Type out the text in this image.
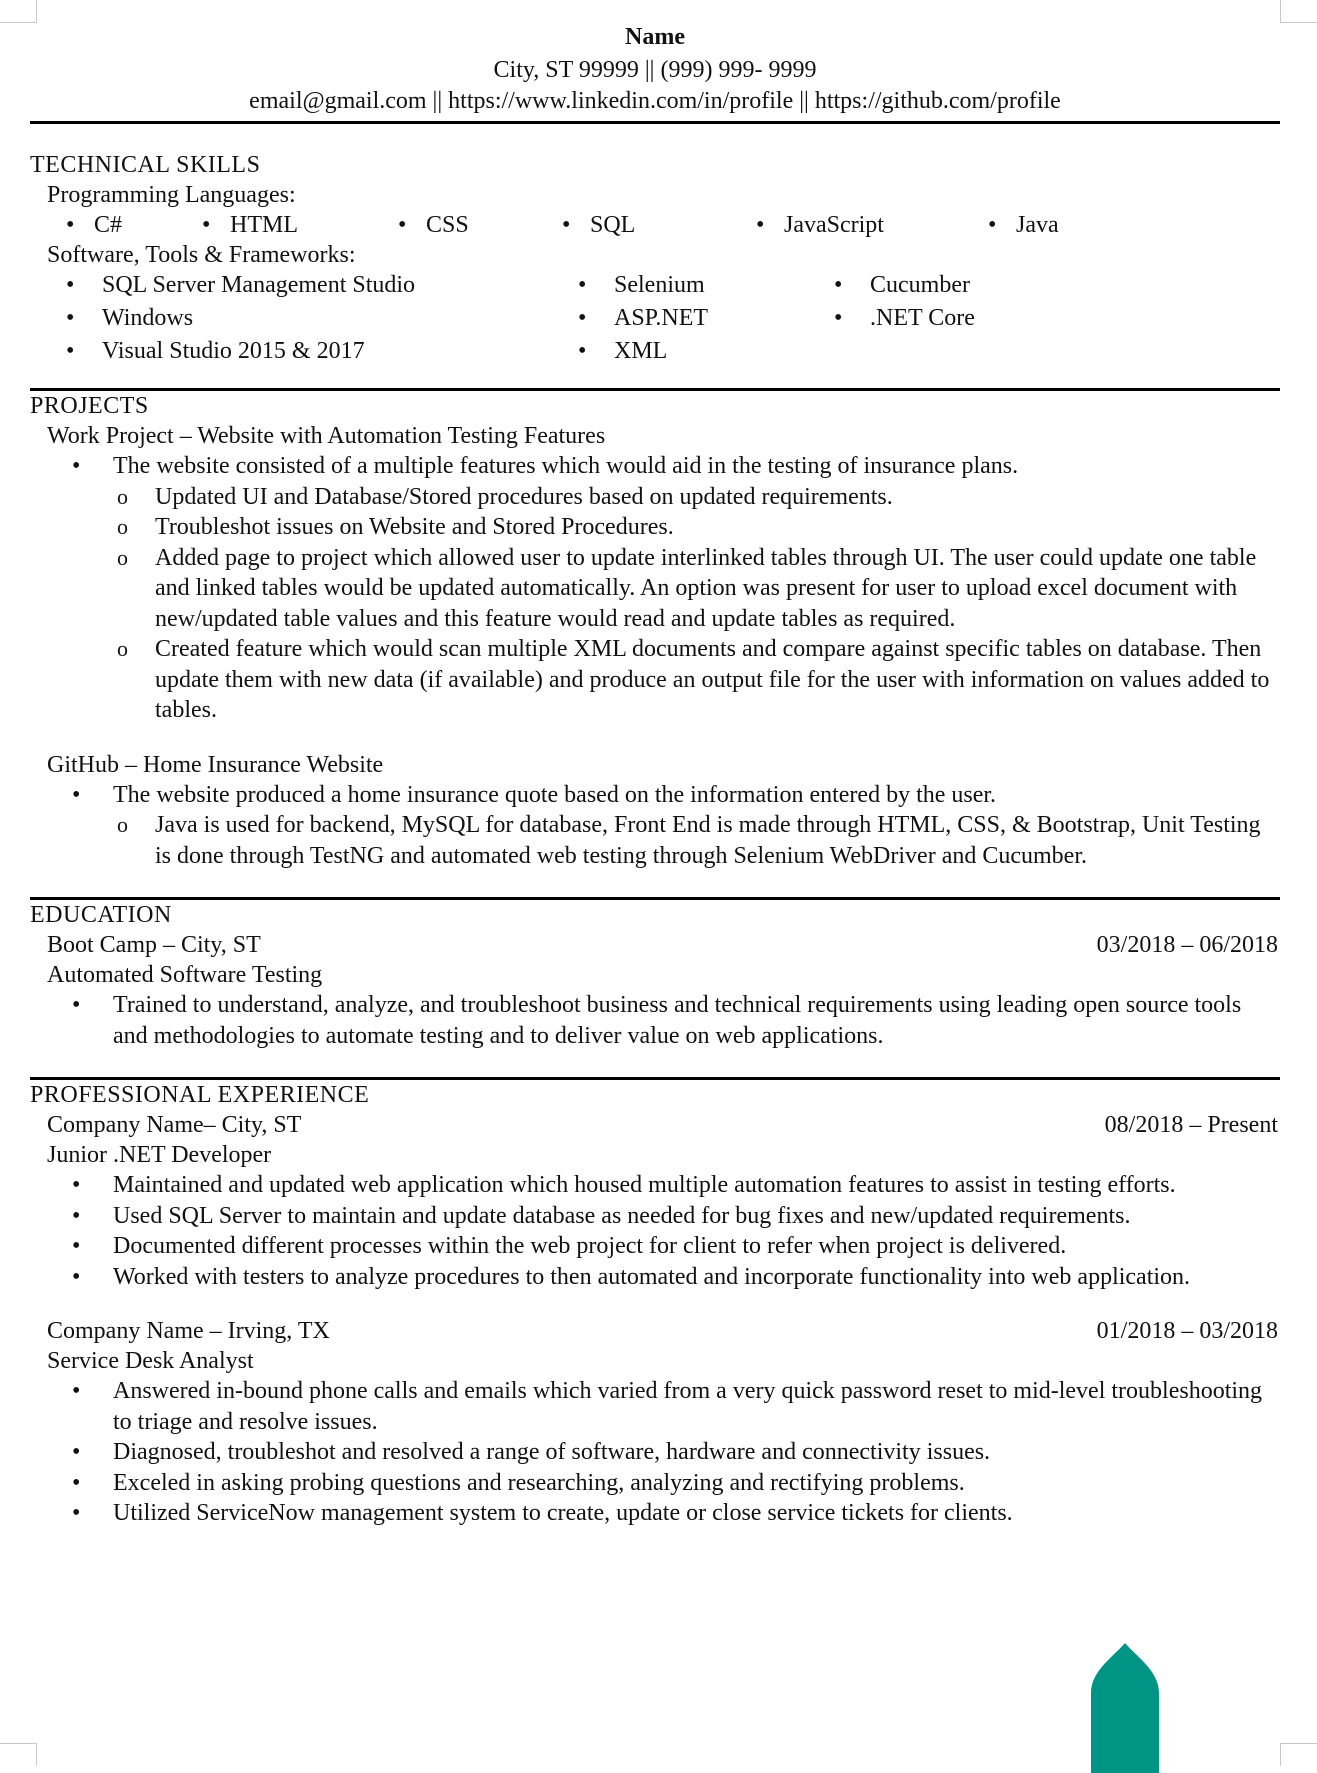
Name
City, ST 99999 || (999) 999- 9999
email@gmail.com || https://www.linkedin.com/in/profile || https://github.com/profile
TECHNICAL SKILLS
Programming Languages:
• C#	• HTML	• CSS	• SQL	• JavaScript	• Java
Software, Tools & Frameworks:
• SQL Server Management Studio	• Selenium	• Cucumber
• Windows	• ASP.NET	• .NET Core
• Visual Studio 2015 & 2017	• XML
PROJECTS
Work Project – Website with Automation Testing Features
• The website consisted of a multiple features which would aid in the testing of insurance plans.
o Updated UI and Database/Stored procedures based on updated requirements.
o Troubleshot issues on Website and Stored Procedures.
o Added page to project which allowed user to update interlinked tables through UI. The user could update one table and linked tables would be updated automatically. An option was present for user to upload excel document with new/updated table values and this feature would read and update tables as required.
o Created feature which would scan multiple XML documents and compare against specific tables on database. Then update them with new data (if available) and produce an output file for the user with information on values added to tables.
GitHub – Home Insurance Website
• The website produced a home insurance quote based on the information entered by the user.
o Java is used for backend, MySQL for database, Front End is made through HTML, CSS, & Bootstrap, Unit Testing is done through TestNG and automated web testing through Selenium WebDriver and Cucumber.
EDUCATION
Boot Camp – City, ST	03/2018 – 06/2018
Automated Software Testing
• Trained to understand, analyze, and troubleshoot business and technical requirements using leading open source tools and methodologies to automate testing and to deliver value on web applications.
PROFESSIONAL EXPERIENCE
Company Name– City, ST	08/2018 – Present
Junior .NET Developer
• Maintained and updated web application which housed multiple automation features to assist in testing efforts.
• Used SQL Server to maintain and update database as needed for bug fixes and new/updated requirements.
• Documented different processes within the web project for client to refer when project is delivered.
• Worked with testers to analyze procedures to then automated and incorporate functionality into web application.
Company Name – Irving, TX	01/2018 – 03/2018
Service Desk Analyst
• Answered in-bound phone calls and emails which varied from a very quick password reset to mid-level troubleshooting to triage and resolve issues.
• Diagnosed, troubleshot and resolved a range of software, hardware and connectivity issues.
• Exceled in asking probing questions and researching, analyzing and rectifying problems.
• Utilized ServiceNow management system to create, update or close service tickets for clients.
